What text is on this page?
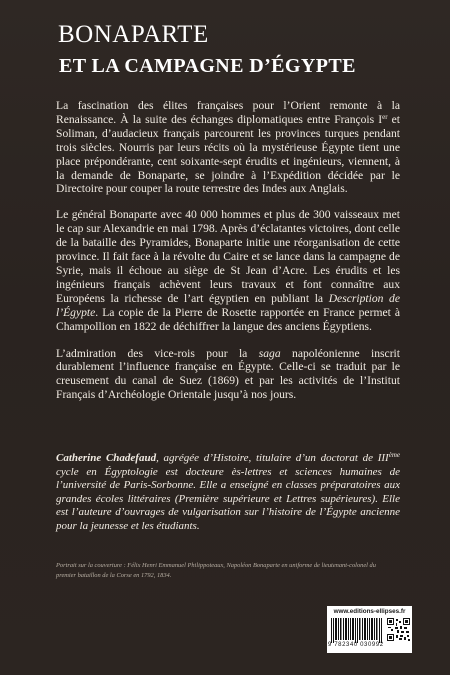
BONAPARTE
ET LA CAMPAGNE D’ÉGYPTE

La fascination des élites françaises pour l’Orient remonte à la Renaissance. À la suite des échanges diplomatiques entre François Ier et Soliman, d’audacieux français parcourent les provinces turques pendant trois siècles. Nourris par leurs récits où la mystérieuse Égypte tient une place prépondérante, cent soixante-sept érudits et ingénieurs, viennent, à la demande de Bonaparte, se joindre à l’Expédition décidée par le Directoire pour couper la route terrestre des Indes aux Anglais.

Le général Bonaparte avec 40 000 hommes et plus de 300 vaisseaux met le cap sur Alexandrie en mai 1798. Après d’éclatantes victoires, dont celle de la bataille des Pyramides, Bonaparte initie une réorganisation de cette province. Il fait face à la révolte du Caire et se lance dans la campagne de Syrie, mais il échoue au siège de St Jean d’Acre. Les érudits et les ingénieurs français achèvent leurs travaux et font connaître aux Européens la richesse de l’art égyptien en publiant la Description de l’Égypte. La copie de la Pierre de Rosette rapportée en France permet à Champollion en 1822 de déchiffrer la langue des anciens Égyptiens.

L’admiration des vice-rois pour la saga napoléonienne inscrit durablement l’influence française en Égypte. Celle-ci se traduit par le creusement du canal de Suez (1869) et par les activités de l’Institut Français d’Archéologie Orientale jusqu’à nos jours.

Catherine Chadefaud, agrégée d’Histoire, titulaire d’un doctorat de IIIème cycle en Égyptologie est docteure ès-lettres et sciences humaines de l’université de Paris-Sorbonne. Elle a enseigné en classes préparatoires aux grandes écoles littéraires (Première supérieure et Lettres supérieures). Elle est l’auteure d’ouvrages de vulgarisation sur l’histoire de l’Égypte ancienne pour la jeunesse et les étudiants.

Portrait sur la couverture : Félix Henri Emmanuel Philippoteaux, Napoléon Bonaparte en uniforme de lieutenant-colonel du premier bataillon de la Corse en 1792, 1834.

www.editions-ellipses.fr
9 782340 030992
